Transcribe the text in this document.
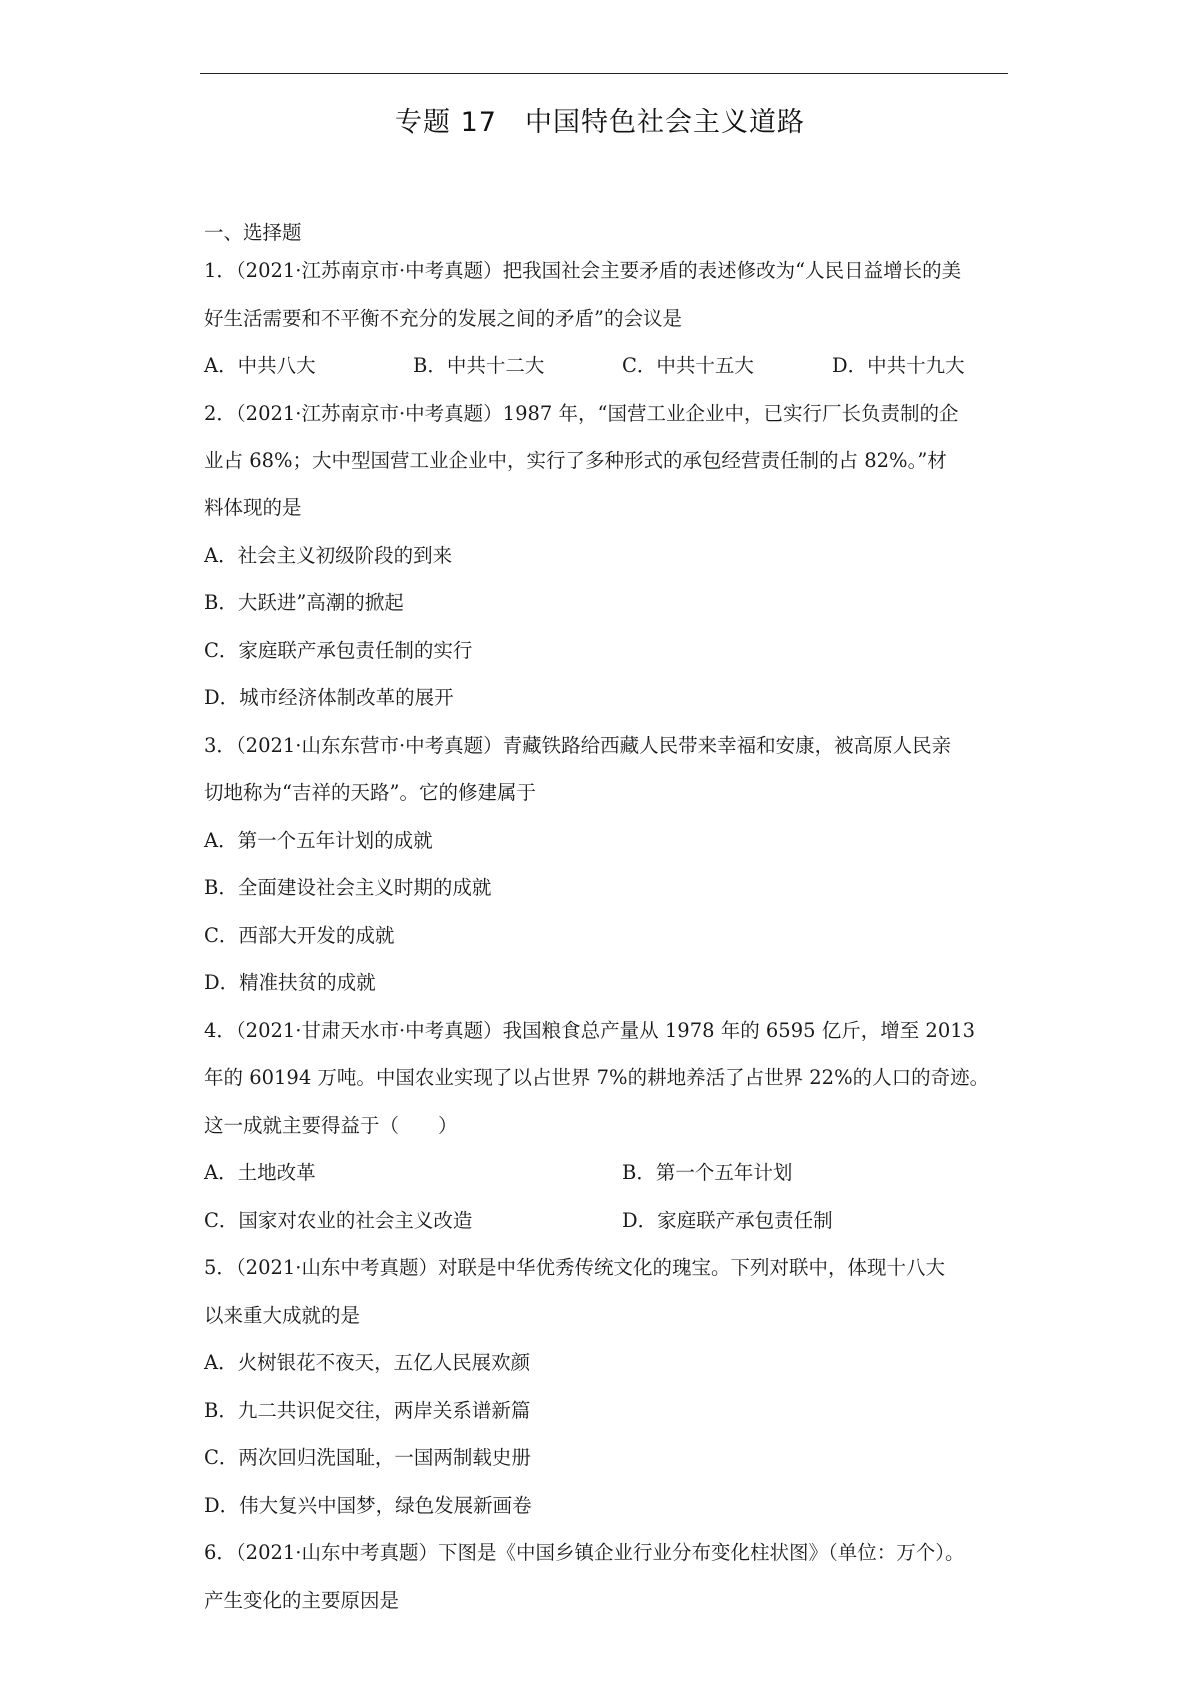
专题 17　中国特色社会主义道路
一、选择题
1．（2021·江苏南京市·中考真题）把我国社会主要矛盾的表述修改为“人民日益增长的美
好生活需要和不平衡不充分的发展之间的矛盾”的会议是
A．中共八大	B．中共十二大	C．中共十五大	D．中共十九大
2．（2021·江苏南京市·中考真题）1987 年，“国营工业企业中，已实行厂长负责制的企
业占 68%；大中型国营工业企业中，实行了多种形式的承包经营责任制的占 82%。”材
料体现的是
A．社会主义初级阶段的到来
B．大跃进”高潮的掀起
C．家庭联产承包责任制的实行
D．城市经济体制改革的展开
3．（2021·山东东营市·中考真题）青藏铁路给西藏人民带来幸福和安康，被高原人民亲
切地称为“吉祥的天路”。它的修建属于
A．第一个五年计划的成就
B．全面建设社会主义时期的成就
C．西部大开发的成就
D．精准扶贫的成就
4．（2021·甘肃天水市·中考真题）我国粮食总产量从 1978 年的 6595 亿斤，增至 2013
年的 60194 万吨。中国农业实现了以占世界 7%的耕地养活了占世界 22%的人口的奇迹。
这一成就主要得益于（　　）
A．土地改革	B．第一个五年计划
C．国家对农业的社会主义改造	D．家庭联产承包责任制
5．（2021·山东中考真题）对联是中华优秀传统文化的瑰宝。下列对联中，体现十八大
以来重大成就的是
A．火树银花不夜天，五亿人民展欢颜
B．九二共识促交往，两岸关系谱新篇
C．两次回归洗国耻，一国两制载史册
D．伟大复兴中国梦，绿色发展新画卷
6．（2021·山东中考真题）下图是《中国乡镇企业行业分布变化柱状图》（单位：万个）。
产生变化的主要原因是
